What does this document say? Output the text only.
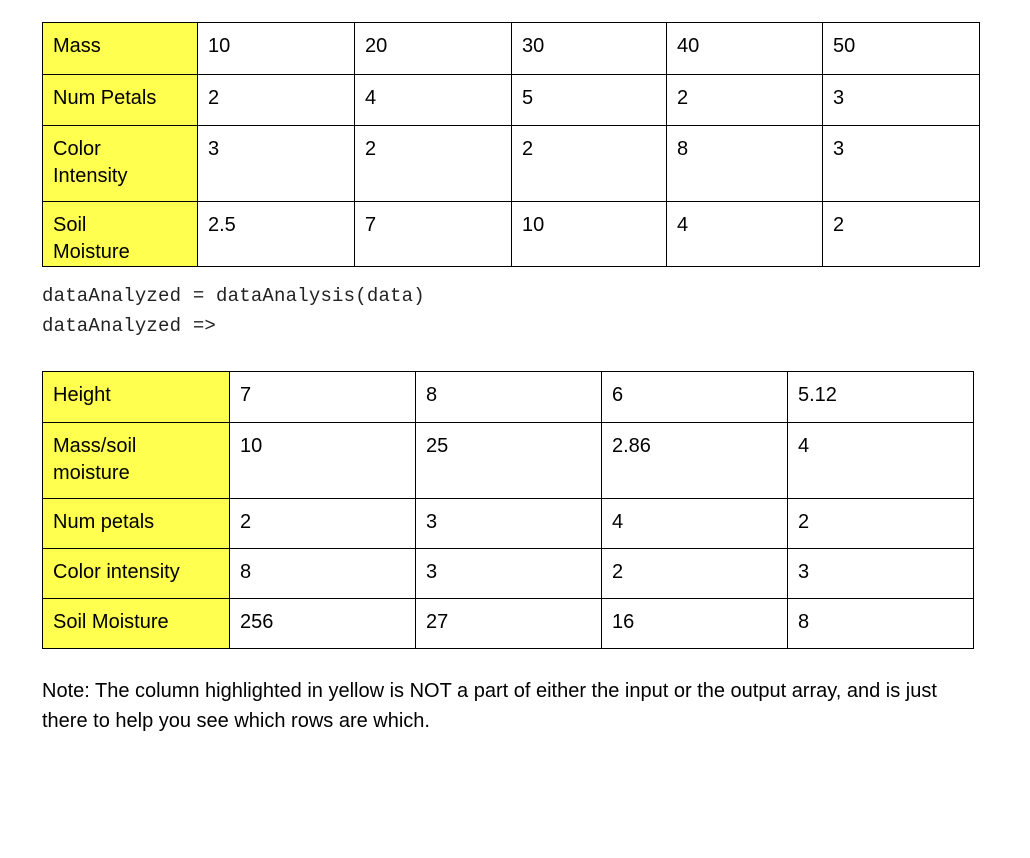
Mass	10	20	30	40	50
Num Petals	2	4	5	2	3
Color Intensity	3	2	2	8	3
Soil Moisture	2.5	7	10	4	2
dataAnalyzed = dataAnalysis(data)
dataAnalyzed =>
Height	7	8	6	5.12
Mass/soil moisture	10	25	2.86	4
Num petals	2	3	4	2
Color intensity	8	3	2	3
Soil Moisture	256	27	16	8
Note: The column highlighted in yellow is NOT a part of either the input or the output array, and is just there to help you see which rows are which.
